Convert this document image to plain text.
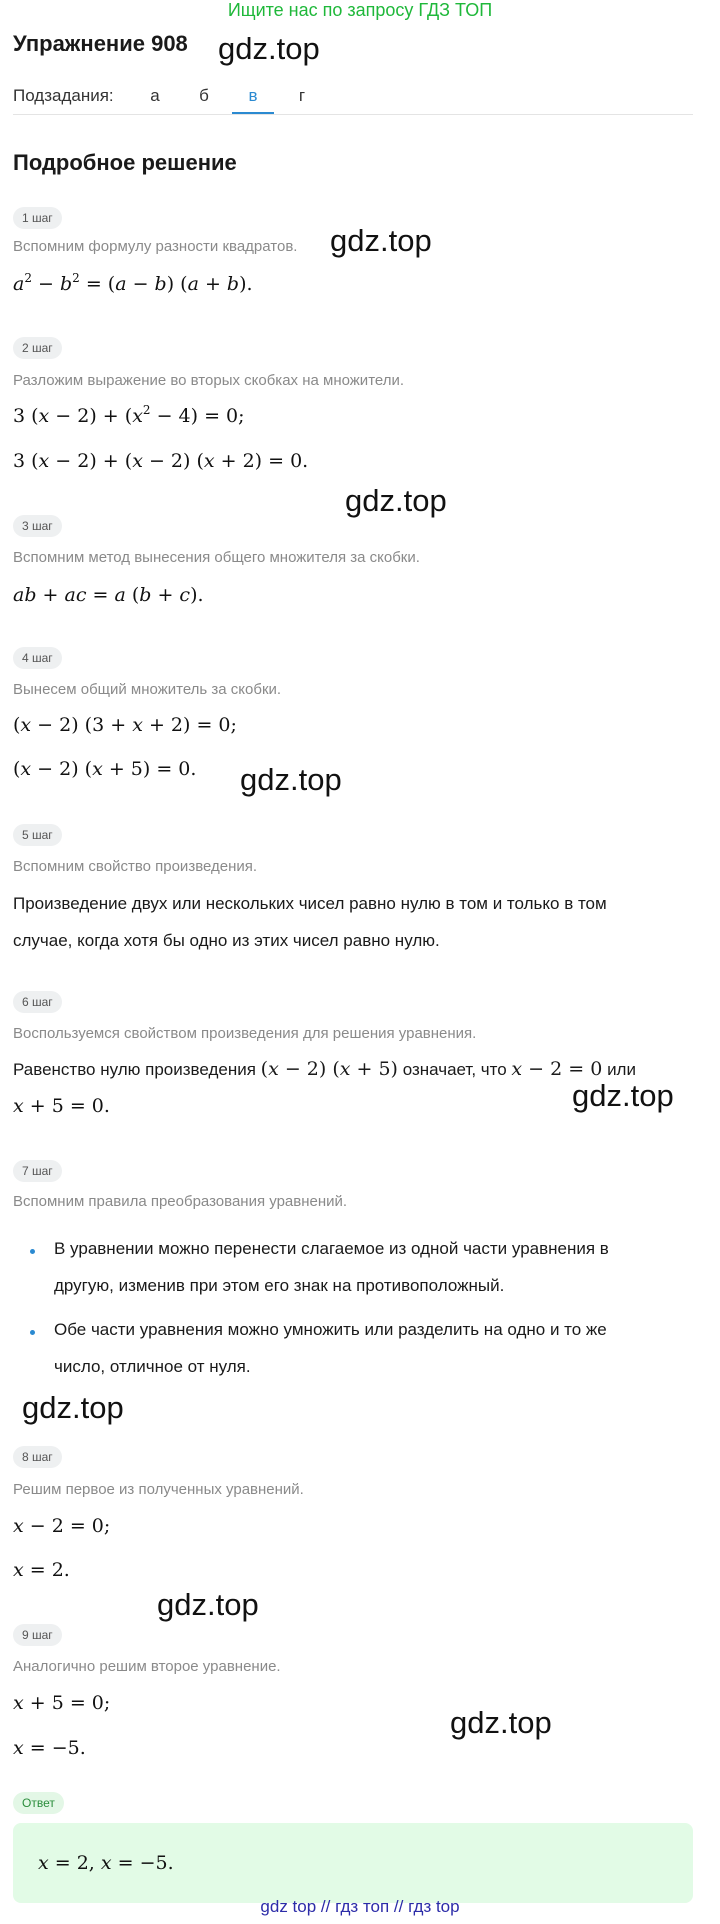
Ищите нас по запросу ГДЗ ТОП
Упражнение 908 gdz.top
Подзадания:	а	б	в	г
Подробное решение
1 шаг
Вспомним формулу разности квадратов. gdz.top
$a^2 - b^2 = (a - b) (a + b)$.
2 шаг
Разложим выражение во вторых скобках на множители.
3 $(x - 2) + (x^2 - 4) = 0$;
3 (x − 2) + (x − 2) (x + 2) = 0.
gdz.top
3 шаг
Вспомним метод вынесения общего множителя за скобки.
ab + ac = a (b + c).
4 шаг
Вынесем общий множитель за скобки.
(x − 2) (3 + x + 2) = 0;
(x − 2) (x + 5) = 0. gdz.top
5 шаг
Вспомним свойство произведения.
Произведение двух или нескольких чисел равно нулю в том и только в том
случае, когда хотя бы одно из этих чисел равно нулю.
6 шаг
Воспользуемся свойством произведения для решения уравнения.
Равенство нулю произведения (x − 2) (x + 5) означает, что x − 2 = 0 или
x + 5 = 0.	gdz.top
7 шаг
Вспомним правила преобразования уравнений.
В уравнении можно перенести слагаемое из одной части уравнения в
другую, изменив при этом его знак на противоположный.
Обе части уравнения можно умножить или разделить на одно и то же
число, отличное от нуля.
gdz.top
8 шаг
Решим первое из полученных уравнений.
x − 2 = 0;
x = 2.
gdz.top
9 шаг
Аналогично решим второе уравнение.
x + 5 = 0;
x = −5.
gdz.top
Ответ
x = 2, x = −5.
gdz top // гдз топ // гдз top
